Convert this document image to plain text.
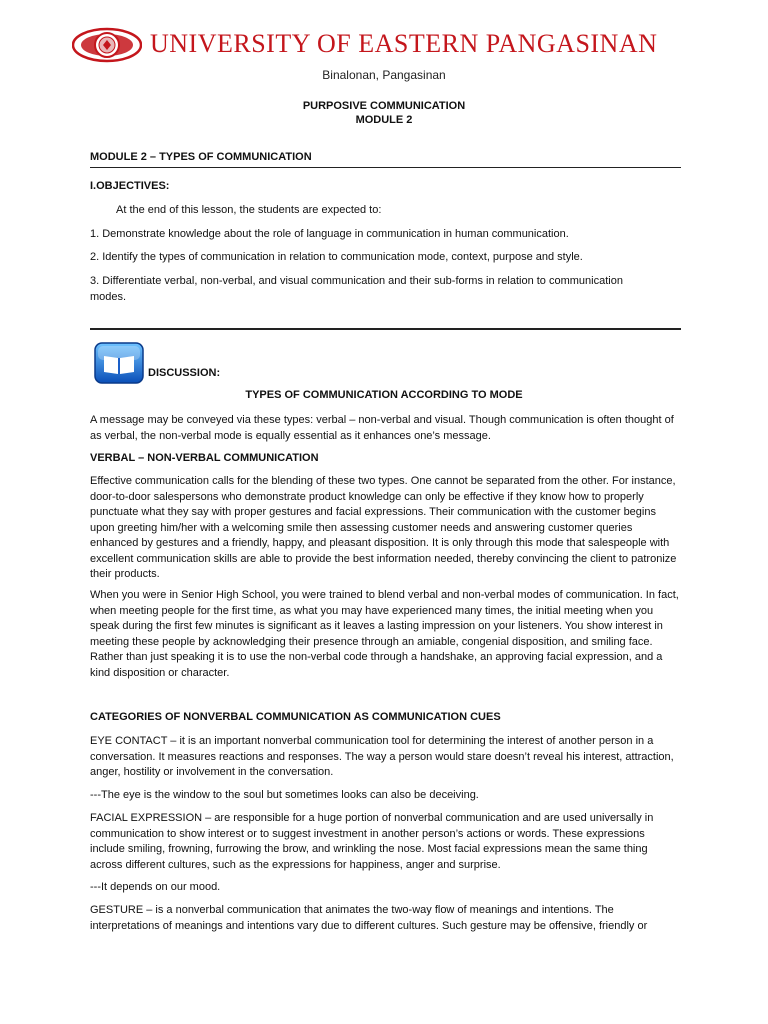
UNIVERSITY OF EASTERN PANGASINAN
Binalonan, Pangasinan
PURPOSIVE COMMUNICATION
MODULE 2
MODULE 2 – TYPES OF COMMUNICATION
I.OBJECTIVES:
At the end of this lesson, the students are expected to:
1. Demonstrate knowledge about the role of language in communication in human communication.
2. Identify the types of communication in relation to communication mode, context, purpose and style.
3. Differentiate verbal, non-verbal, and visual communication and their sub-forms in relation to communication modes.
DISCUSSION:
TYPES OF COMMUNICATION ACCORDING TO MODE
A message may be conveyed via these types: verbal – non-verbal and visual. Though communication is often thought of as verbal, the non-verbal mode is equally essential as it enhances one’s message.
VERBAL – NON-VERBAL COMMUNICATION
Effective communication calls for the blending of these two types. One cannot be separated from the other. For instance, door-to-door salespersons who demonstrate product knowledge can only be effective if they know how to properly punctuate what they say with proper gestures and facial expressions. Their communication with the customer begins upon greeting him/her with a welcoming smile then assessing customer needs and answering customer queries enhanced by gestures and a friendly, happy, and pleasant disposition. It is only through this mode that salespeople with excellent communication skills are able to provide the best information needed, thereby convincing the client to patronize their products.
When you were in Senior High School, you were trained to blend verbal and non-verbal modes of communication. In fact, when meeting people for the first time, as what you may have experienced many times, the initial meeting when you speak during the first few minutes is significant as it leaves a lasting impression on your listeners. You show interest in meeting these people by acknowledging their presence through an amiable, congenial disposition, and smiling face. Rather than just speaking it is to use the non-verbal code through a handshake, an approving facial expression, and a kind disposition or character.
CATEGORIES OF NONVERBAL COMMUNICATION AS COMMUNICATION CUES
EYE CONTACT – it is an important nonverbal communication tool for determining the interest of another person in a conversation. It measures reactions and responses. The way a person would stare doesn’t reveal his interest, attraction, anger, hostility or involvement in the conversation.
---The eye is the window to the soul but sometimes looks can also be deceiving.
FACIAL EXPRESSION – are responsible for a huge portion of nonverbal communication and are used universally in communication to show interest or to suggest investment in another person’s actions or words. These expressions include smiling, frowning, furrowing the brow, and wrinkling the nose. Most facial expressions mean the same thing across different cultures, such as the expressions for happiness, anger and surprise.
---It depends on our mood.
GESTURE – is a nonverbal communication that animates the two-way flow of meanings and intentions. The interpretations of meanings and intentions vary due to different cultures. Such gesture may be offensive, friendly or
